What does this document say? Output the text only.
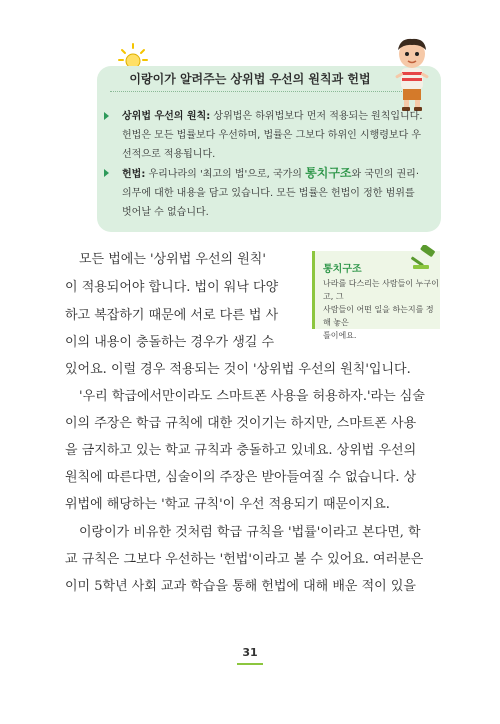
이랑이가 알려주는 상위법 우선의 원칙과 헌법
상위법 우선의 원칙: 상위법은 하위법보다 먼저 적용되는 원칙입니다.
헌법은 모든 법률보다 우선하며, 법률은 그보다 하위인 시행령보다 우
선적으로 적용됩니다.
헌법: 우리나라의 '최고의 법'으로, 국가의 통치구조와 국민의 권리·
의무에 대한 내용을 담고 있습니다. 모든 법률은 헌법이 정한 범위를
벗어날 수 없습니다.
통치구조
나라를 다스리는 사람들이 누구이고, 그
사람들이 어떤 일을 하는지를 정해 놓은
틀이에요.
모든 법에는 '상위법 우선의 원칙'
이 적용되어야 합니다. 법이 워낙 다양
하고 복잡하기 때문에 서로 다른 법 사
이의 내용이 충돌하는 경우가 생길 수
있어요. 이럴 경우 적용되는 것이 '상위법 우선의 원칙'입니다.
'우리 학급에서만이라도 스마트폰 사용을 허용하자.'라는 심술
이의 주장은 학급 규칙에 대한 것이기는 하지만, 스마트폰 사용
을 금지하고 있는 학교 규칙과 충돌하고 있네요. 상위법 우선의
원칙에 따른다면, 심술이의 주장은 받아들여질 수 없습니다. 상
위법에 해당하는 '학교 규칙'이 우선 적용되기 때문이지요.
이랑이가 비유한 것처럼 학급 규칙을 '법률'이라고 본다면, 학
교 규칙은 그보다 우선하는 '헌법'이라고 볼 수 있어요. 여러분은
이미 5학년 사회 교과 학습을 통해 헌법에 대해 배운 적이 있을
31
